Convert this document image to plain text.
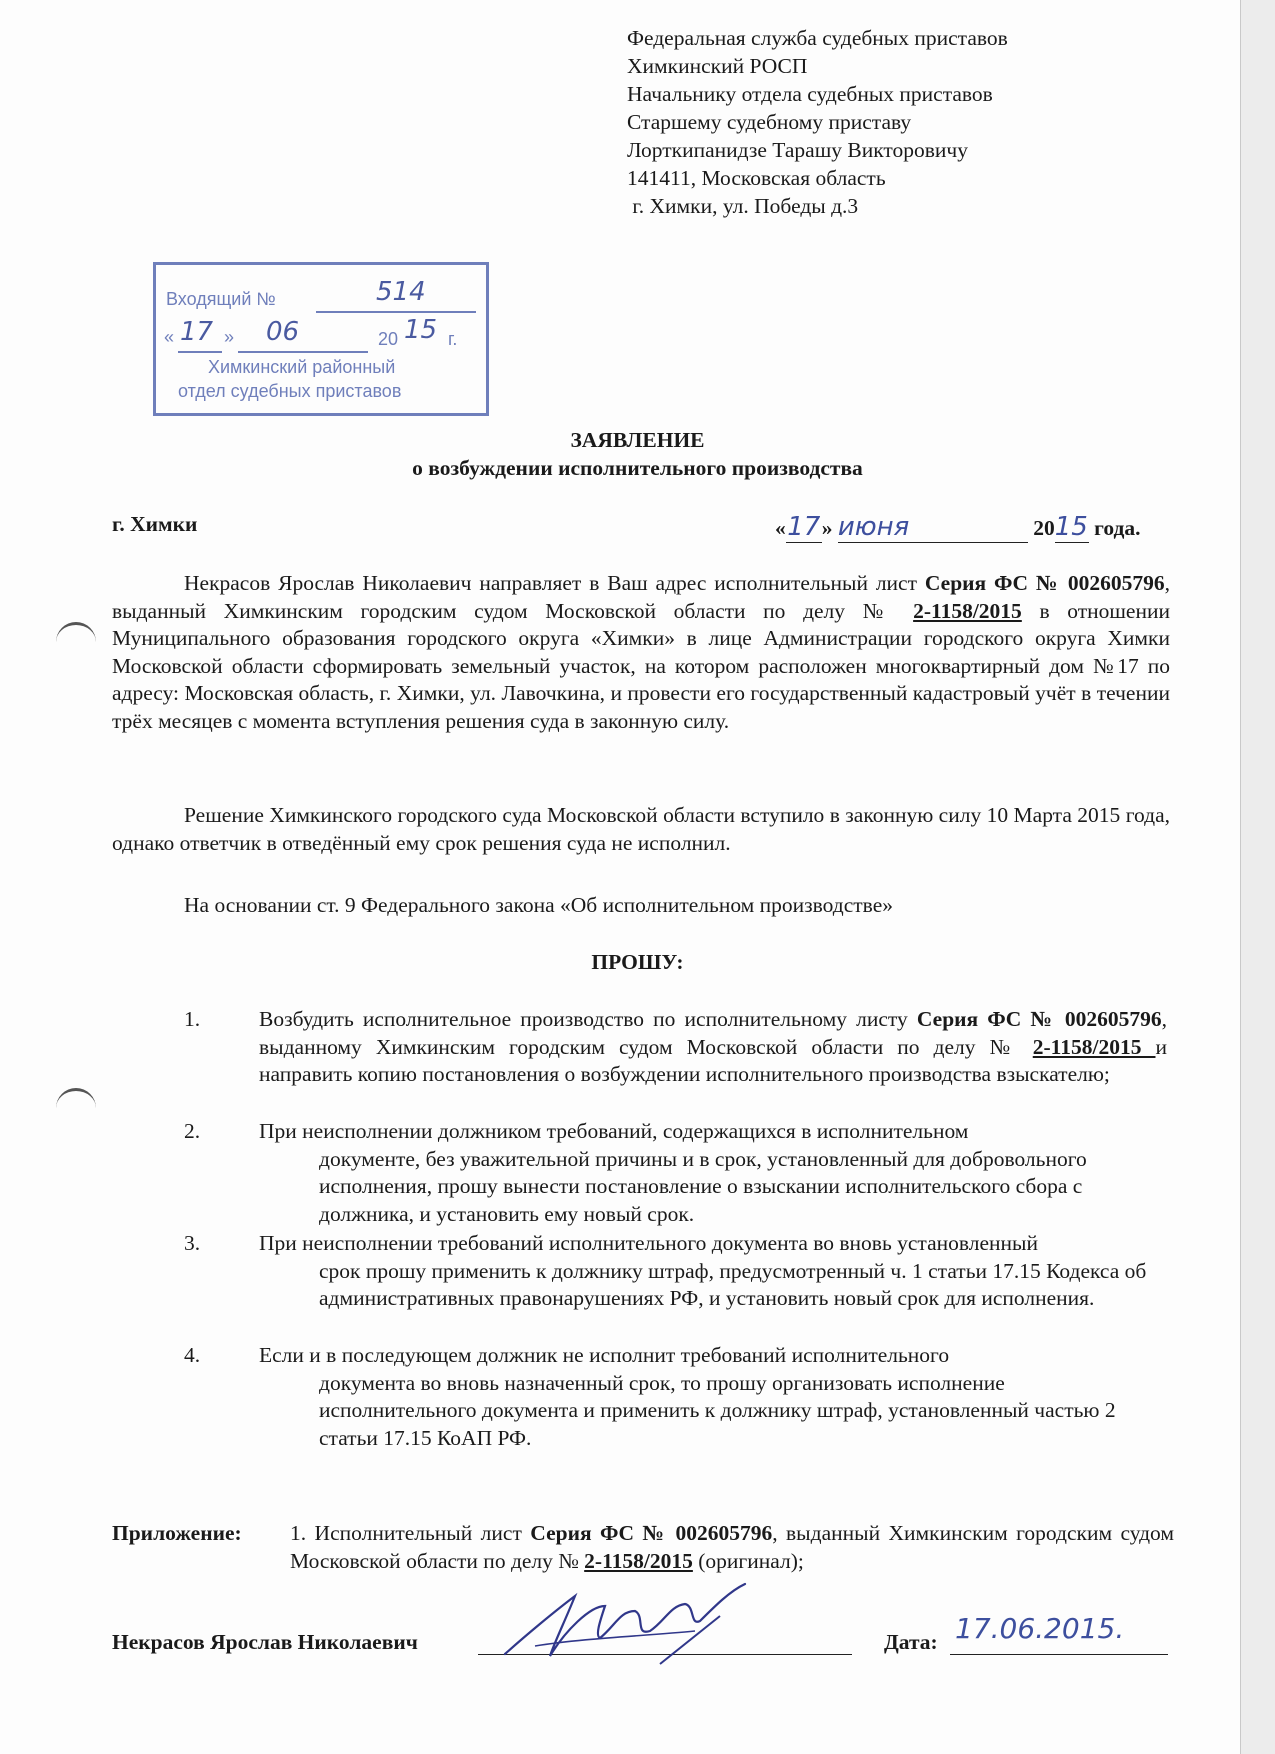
Федеральная служба судебных приставов
Химкинский РОСП
Начальнику отдела судебных приставов
Старшему судебному приставу
Лорткипанидзе Тарашу Викторовичу
141411, Московская область
г. Химки, ул. Победы д.3
Входящий №	514
« 17 » 06	20 15 г.
Химкинский районный
отдел судебных приставов
ЗАЯВЛЕНИЕ
о возбуждении исполнительного производства
г. Химки	«17» июня	2015 года.
Некрасов Ярослав Николаевич направляет в Ваш адрес исполнительный лист Серия ФС № 002605796, выданный Химкинским городским судом Московской области по делу № 2-1158/2015 в отношении Муниципального образования городского округа «Химки» в лице Администрации городского округа Химки Московской области сформировать земельный участок, на котором расположен многоквартирный дом №17 по адресу: Московская область, г. Химки, ул. Лавочкина, и провести его государственный кадастровый учёт в течении трёх месяцев с момента вступления решения суда в законную силу.
Решение Химкинского городского суда Московской области вступило в законную силу 10 Марта 2015 года, однако ответчик в отведённый ему срок решения суда не исполнил.
На основании ст. 9 Федерального закона «Об исполнительном производстве»
ПРОШУ:
1.	Возбудить исполнительное производство по исполнительному листу Серия ФС № 002605796, выданному Химкинским городским судом Московской области по делу № 2-1158/2015 и направить копию постановления о возбуждении исполнительного производства взыскателю;
2.	При неисполнении должником требований, содержащихся в исполнительном
документе, без уважительной причины и в срок, установленный для добровольного исполнения, прошу вынести постановление о взыскании исполнительского сбора с должника, и установить ему новый срок.
3.	При неисполнении требований исполнительного документа во вновь установленный
срок прошу применить к должнику штраф, предусмотренный ч. 1 статьи 17.15 Кодекса об административных правонарушениях РФ, и установить новый срок для исполнения.
4.	Если и в последующем должник не исполнит требований исполнительного
документа во вновь назначенный срок, то прошу организовать исполнение исполнительного документа и применить к должнику штраф, установленный частью 2 статьи 17.15 КоАП РФ.
Приложение: 1. Исполнительный лист Серия ФС № 002605796, выданный Химкинским городским судом Московской области по делу № 2-1158/2015 (оригинал);
Некрасов Ярослав Николаевич	Дата: 17.06.2015.
